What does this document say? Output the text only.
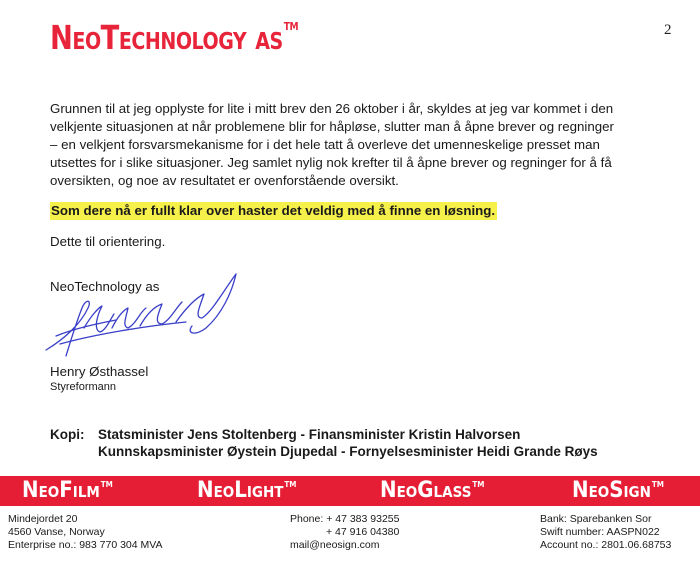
NeoTechnology as™	2

Grunnen til at jeg opplyste for lite i mitt brev den 26 oktober i år, skyldes at jeg var kommet i den

velkjente situasjonen at når problemene blir for håpløse, slutter man å åpne brever og regninger

– en velkjent forsvarsmekanisme for i det hele tatt å overleve det umenneskelige presset man

utsettes for i slike situasjoner. Jeg samlet nylig nok krefter til å åpne brever og regninger for å få

oversikten, og noe av resultatet er ovenforstående oversikt.

Som dere nå er fullt klar over haster det veldig med å finne en løsning.
Dette til orientering.
NeoTechnology as
Henry Østhassel
Styreformann
Kopi: Statsminister Jens Stoltenberg - Finansminister Kristin Halvorsen
Kunnskapsminister Øystein Djupedal - Fornyelsesminister Heidi Grande Røys
NeoFilm™	NeoLight™	NeoGlass™	NeoSign™
Mindejordet 20
4560 Vanse, Norway
Enterprise no.: 983 770 304 MVA
Phone: + 47 383 93255
+ 47 916 04380
mail@neosign.com
Bank: Sparebanken Sor
Swift number: AASPN022
Account no.: 2801.06.68753
